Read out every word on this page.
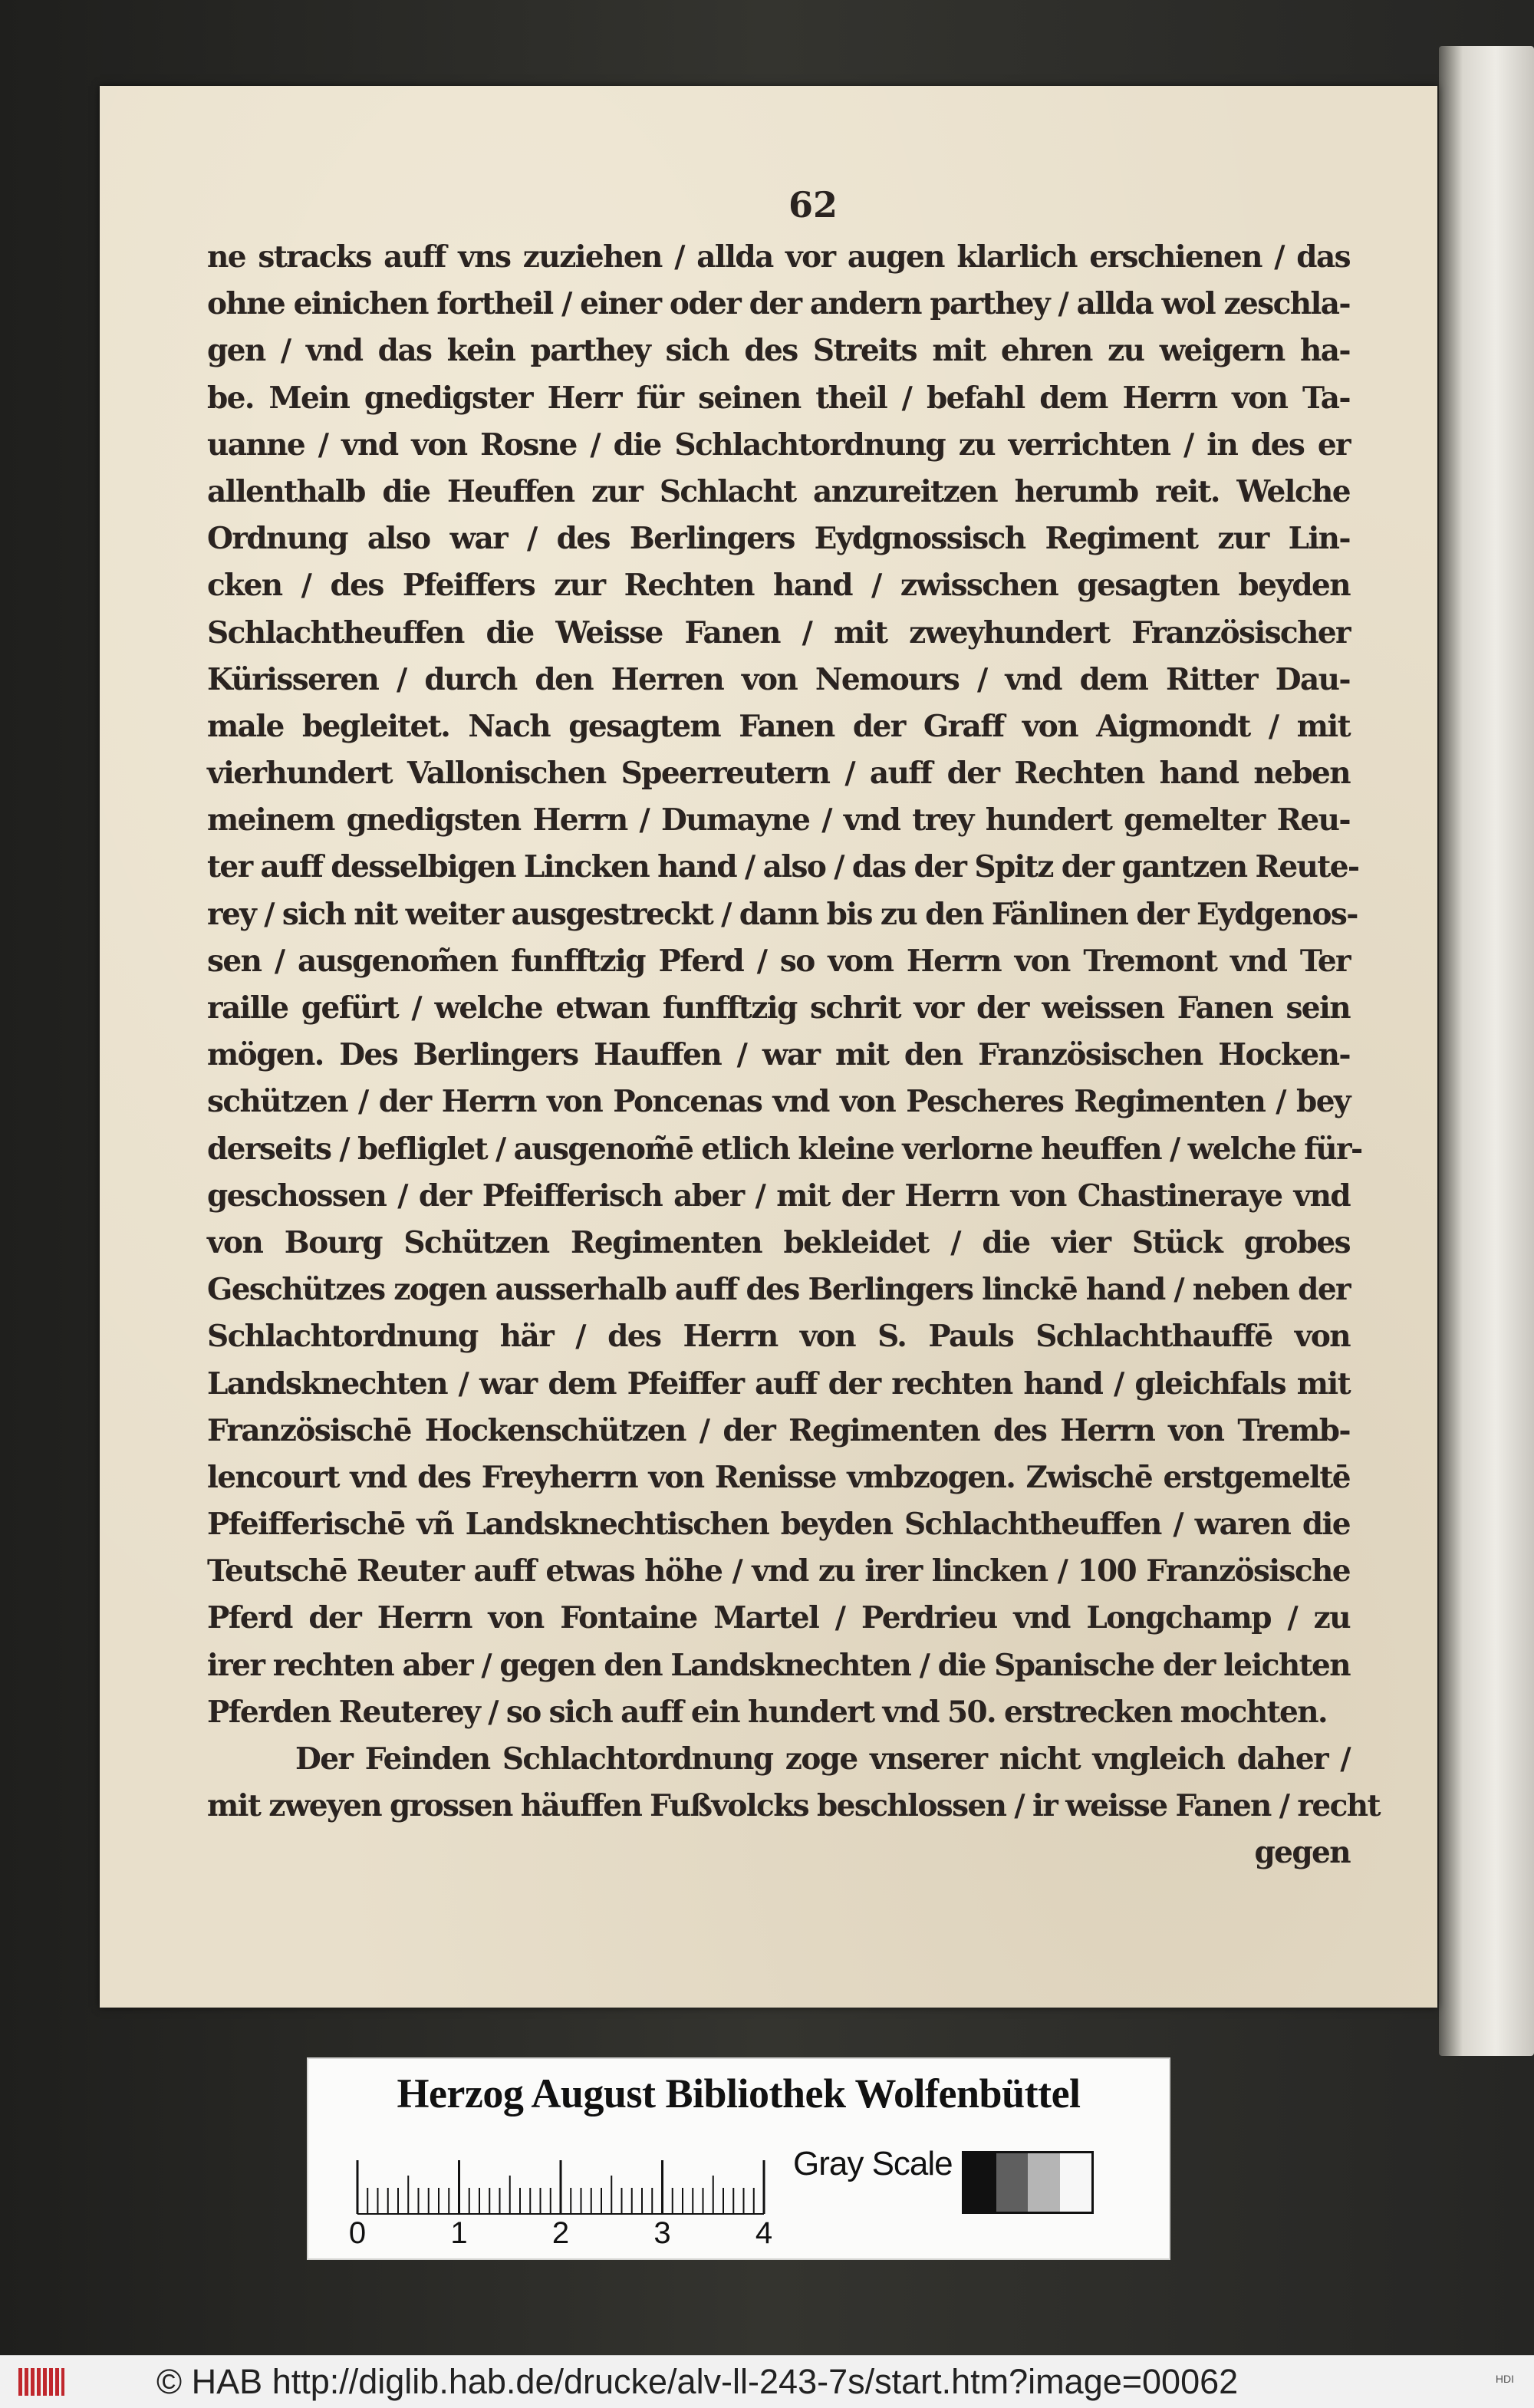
62
ne stracks auff vns zuziehen / allda vor augen klarlich erschienen / das
ohne einichen fortheil / einer oder der andern parthey / allda wol zeschla-
gen / vnd das kein parthey sich des Streits mit ehren zu weigern ha-
be. Mein gnedigster Herr für seinen theil / befahl dem Herrn von Ta-
uanne / vnd von Rosne / die Schlachtordnung zu verrichten / in des er
allenthalb die Heuffen zur Schlacht anzureitzen herumb reit. Welche
Ordnung also war / des Berlingers Eydgnossisch Regiment zur Lin-
cken / des Pfeiffers zur Rechten hand / zwisschen gesagten beyden
Schlachtheuffen die Weisse Fanen / mit zweyhundert Französischer
Kürisseren / durch den Herren von Nemours / vnd dem Ritter Dau-
male begleitet. Nach gesagtem Fanen der Graff von Aigmondt / mit
vierhundert Vallonischen Speerreutern / auff der Rechten hand neben
meinem gnedigsten Herrn / Dumayne / vnd trey hundert gemelter Reu-
ter auff desselbigen Lincken hand / also / das der Spitz der gantzen Reute-
rey / sich nit weiter ausgestreckt / dann bis zu den Fänlinen der Eydgenos-
sen / ausgenom̃en funfftzig Pferd / so vom Herrn von Tremont vnd Ter
raille gefürt / welche etwan funfftzig schrit vor der weissen Fanen sein
mögen. Des Berlingers Hauffen / war mit den Französischen Hocken-
schützen / der Herrn von Poncenas vnd von Pescheres Regimenten / bey
derseits / befliglet / ausgenom̃ē etlich kleine verlorne heuffen / welche für-
geschossen / der Pfeifferisch aber / mit der Herrn von Chastineraye vnd
von Bourg Schützen Regimenten bekleidet / die vier Stück grobes
Geschützes zogen ausserhalb auff des Berlingers linckē hand / neben der
Schlachtordnung här / des Herrn von S. Pauls Schlachthauffē von
Landsknechten / war dem Pfeiffer auff der rechten hand / gleichfals mit
Französischē Hockenschützen / der Regimenten des Herrn von Tremb-
lencourt vnd des Freyherrn von Renisse vmbzogen. Zwischē erstgemeltē
Pfeifferischē vñ Landsknechtischen beyden Schlachtheuffen / waren die
Teutschē Reuter auff etwas höhe / vnd zu irer lincken / 100 Französische
Pferd der Herrn von Fontaine Martel / Perdrieu vnd Longchamp / zu
irer rechten aber / gegen den Landsknechten / die Spanische der leichten
Pferden Reuterey / so sich auff ein hundert vnd 50. erstrecken mochten.
Der Feinden Schlachtordnung zoge vnserer nicht vngleich daher /
mit zweyen grossen häuffen Fußvolcks beschlossen / ir weisse Fanen / recht
gegen
Herzog August Bibliothek Wolfenbüttel
0	1	2	3	4
Gray Scale
© HAB http://diglib.hab.de/drucke/alv-ll-243-7s/start.htm?image=00062	HDI
